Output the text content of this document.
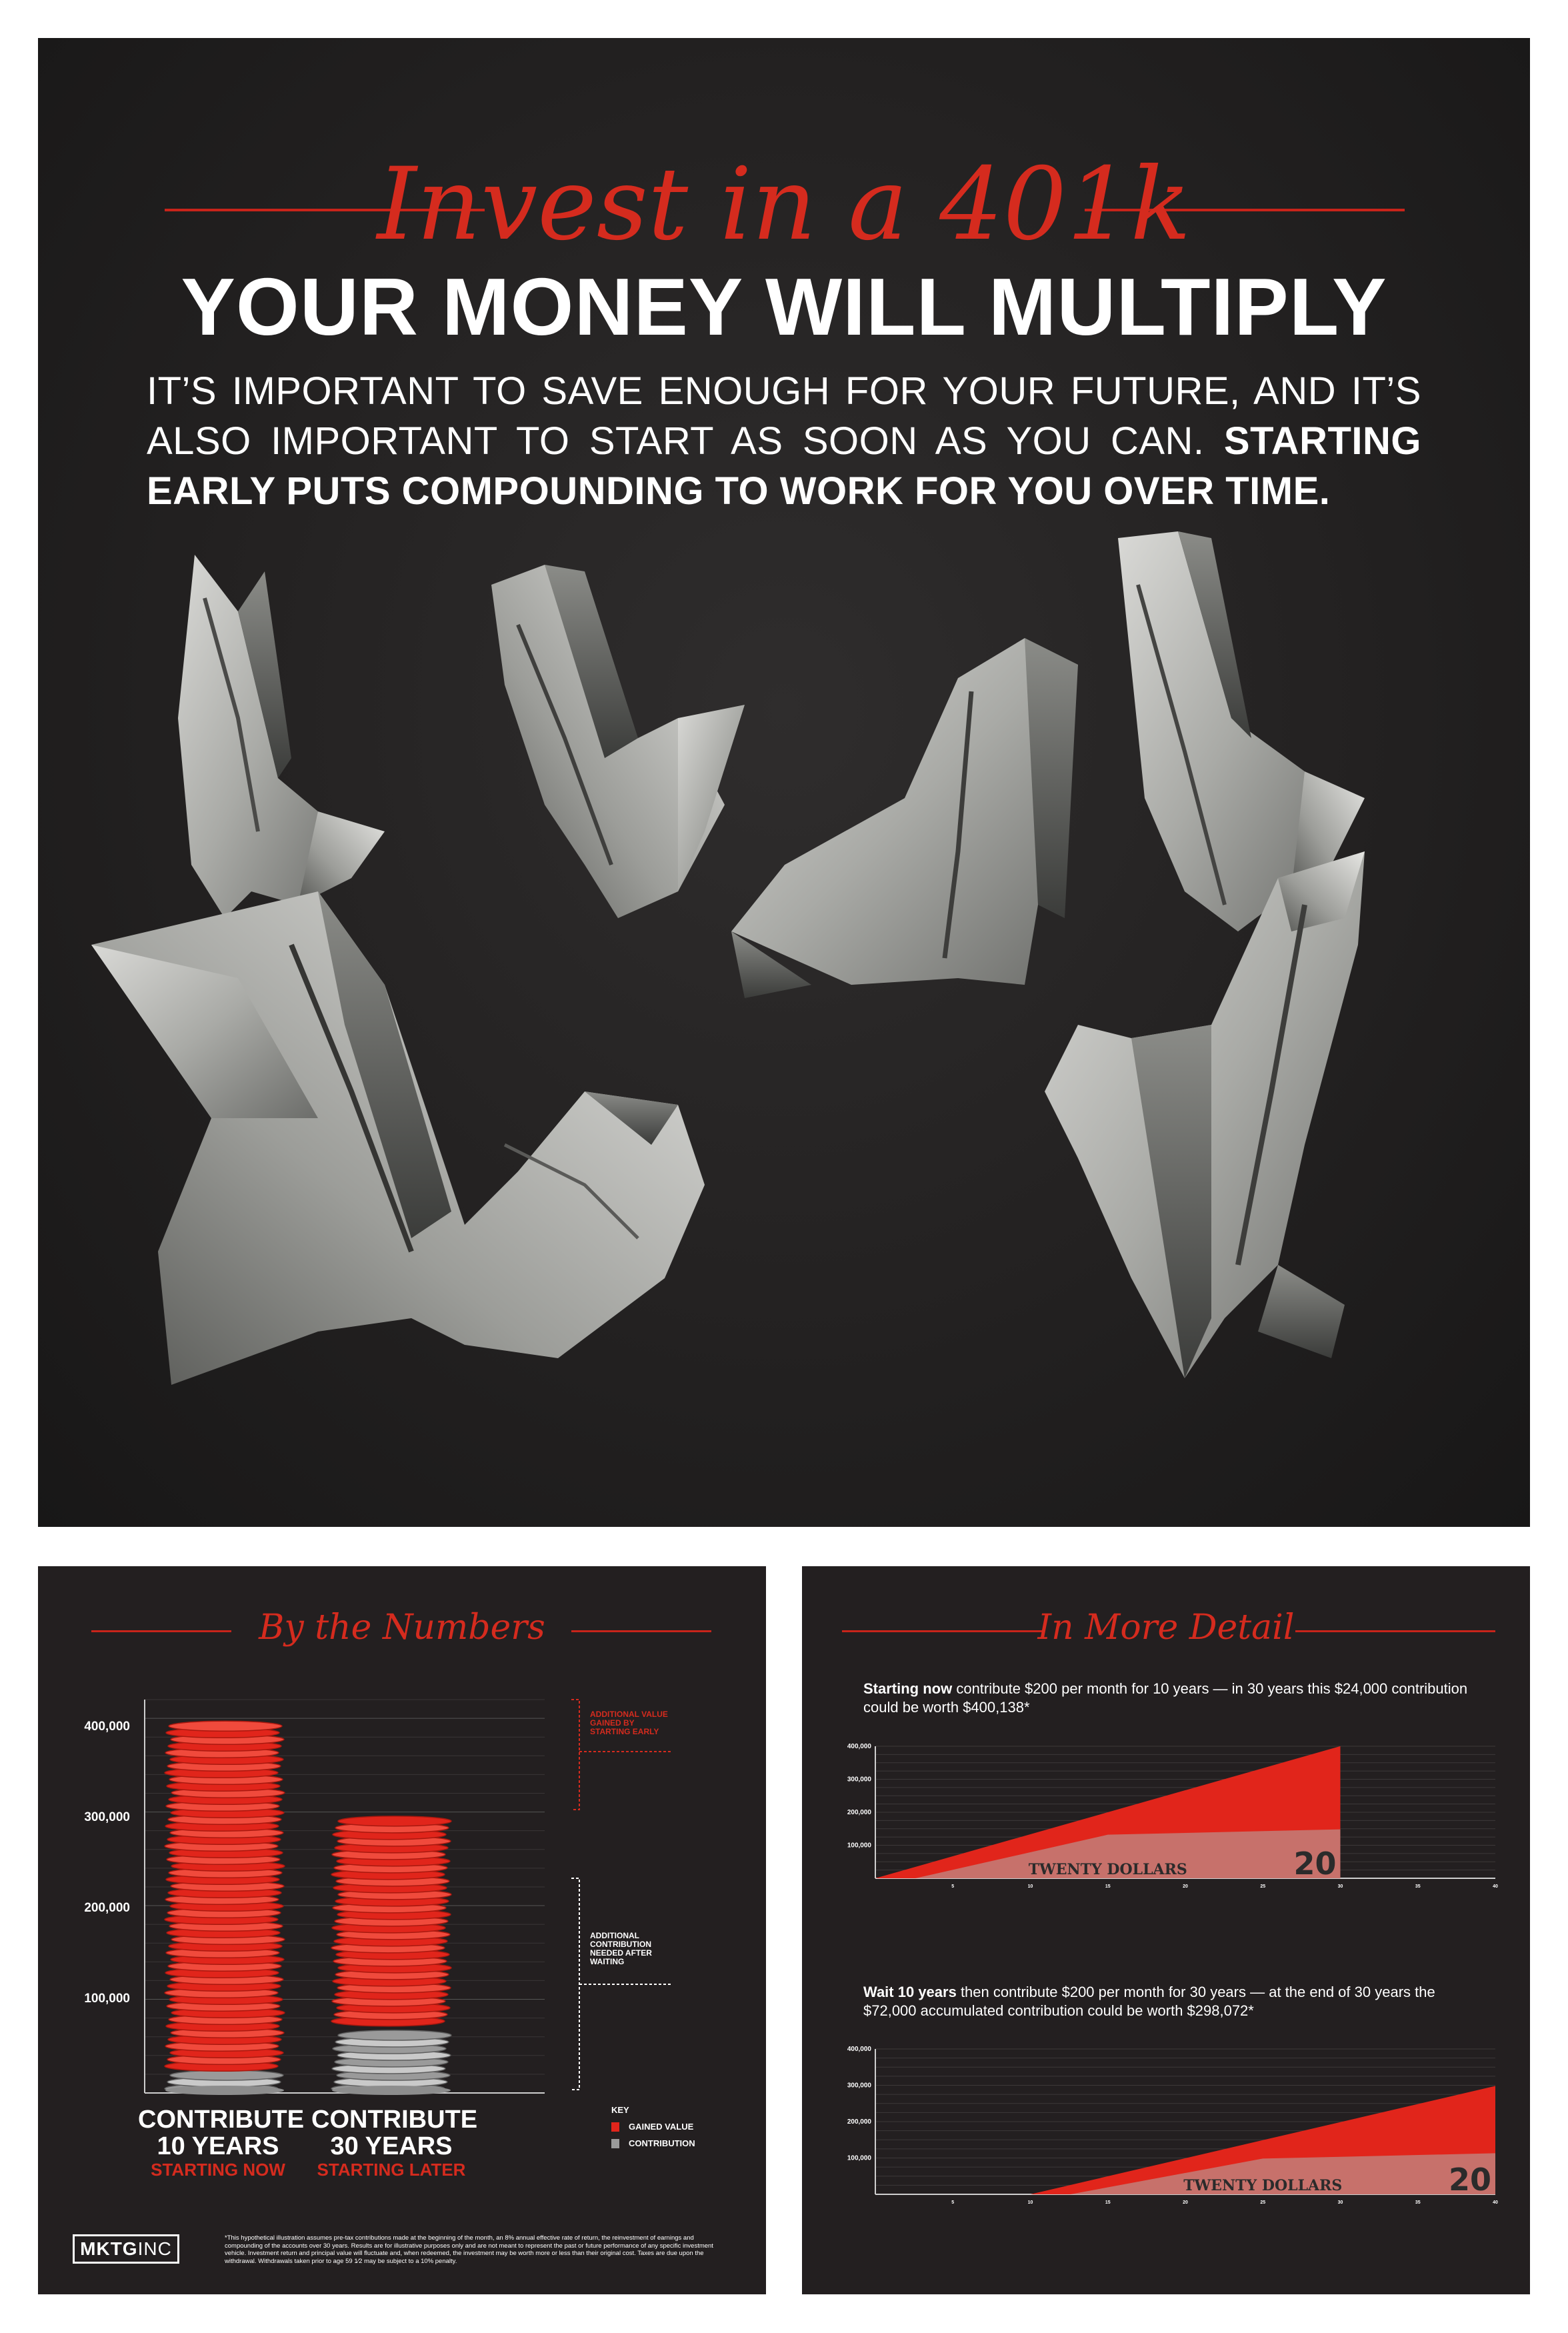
Invest in a 401k
YOUR MONEY WILL MULTIPLY
IT’S IMPORTANT TO SAVE ENOUGH FOR YOUR FUTURE, AND IT’S ALSO IMPORTANT TO START AS SOON AS YOU CAN. STARTING EARLY PUTS COMPOUNDING TO WORK FOR YOU OVER TIME.
By the Numbers
400,000
300,000
200,000
100,000
ADDITIONAL VALUE GAINED BY STARTING EARLY
ADDITIONAL CONTRIBUTION NEEDED AFTER WAITING
CONTRIBUTE
10 YEARS
STARTING NOW
CONTRIBUTE
30 YEARS
STARTING LATER
KEY
GAINED VALUE
CONTRIBUTION
MKTGINC
*This hypothetical illustration assumes pre-tax contributions made at the beginning of the month, an 8% annual effective rate of return, the reinvestment of earnings and compounding of the accounts over 30 years. Results are for illustrative purposes only and are not meant to represent the past or future performance of any specific investment vehicle. Investment return and principal value will fluctuate and, when redeemed, the investment may be worth more or less than their original cost. Taxes are due upon the withdrawal. Withdrawals taken prior to age 59 1⁄2 may be subject to a 10% penalty.
In More Detail
Starting now contribute $200 per month for 10 years — in 30 years this $24,000 contribution could be worth $400,138*
100,000
200,000
300,000
400,000
5	10	15	20	25	30	35	40
TWENTY DOLLARS	20
Wait 10 years then contribute $200 per month for 30 years — at the end of 30 years the $72,000 accumulated contribution could be worth $298,072*
100,000
200,000
300,000
400,000
5	10	15	20	25	30	35	40
TWENTY DOLLARS	20
